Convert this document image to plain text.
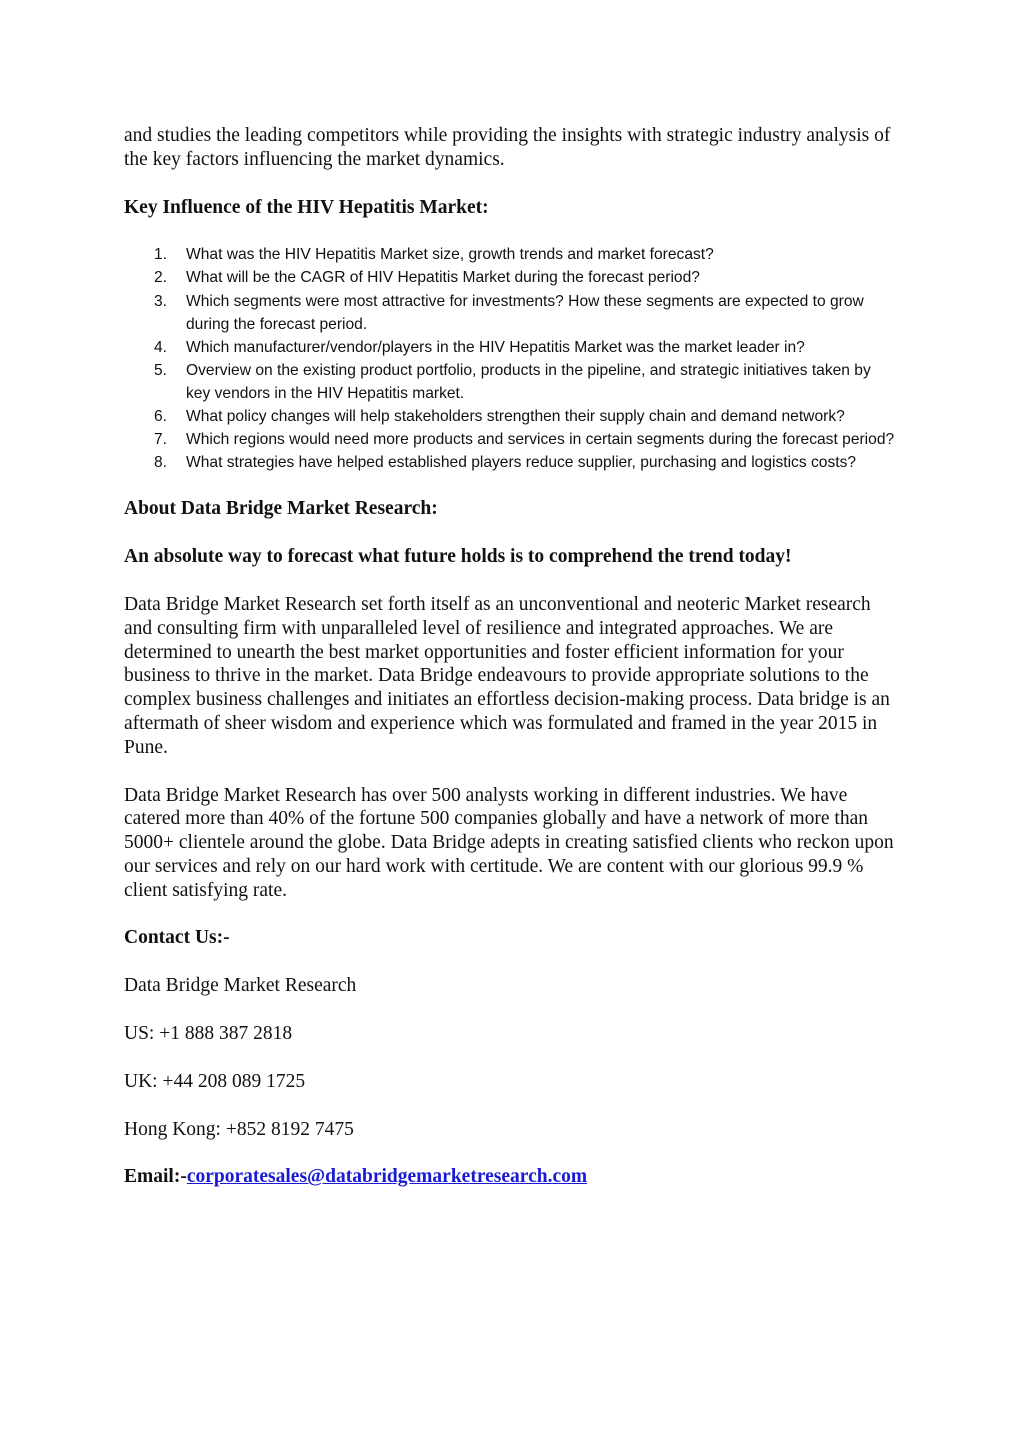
and studies the leading competitors while providing the insights with strategic industry analysis of the key factors influencing the market dynamics.

Key Influence of the HIV Hepatitis Market:

1. What was the HIV Hepatitis Market size, growth trends and market forecast?
2. What will be the CAGR of HIV Hepatitis Market during the forecast period?
3. Which segments were most attractive for investments? How these segments are expected to grow during the forecast period.
4. Which manufacturer/vendor/players in the HIV Hepatitis Market was the market leader in?
5. Overview on the existing product portfolio, products in the pipeline, and strategic initiatives taken by key vendors in the HIV Hepatitis market.
6. What policy changes will help stakeholders strengthen their supply chain and demand network?
7. Which regions would need more products and services in certain segments during the forecast period?
8. What strategies have helped established players reduce supplier, purchasing and logistics costs?

About Data Bridge Market Research:

An absolute way to forecast what future holds is to comprehend the trend today!

Data Bridge Market Research set forth itself as an unconventional and neoteric Market research and consulting firm with unparalleled level of resilience and integrated approaches. We are determined to unearth the best market opportunities and foster efficient information for your business to thrive in the market. Data Bridge endeavours to provide appropriate solutions to the complex business challenges and initiates an effortless decision-making process. Data bridge is an aftermath of sheer wisdom and experience which was formulated and framed in the year 2015 in Pune.

Data Bridge Market Research has over 500 analysts working in different industries. We have catered more than 40% of the fortune 500 companies globally and have a network of more than 5000+ clientele around the globe. Data Bridge adepts in creating satisfied clients who reckon upon our services and rely on our hard work with certitude. We are content with our glorious 99.9 % client satisfying rate.

Contact Us:-

Data Bridge Market Research

US: +1 888 387 2818

UK: +44 208 089 1725

Hong Kong: +852 8192 7475

Email:-corporatesales@databridgemarketresearch.com
